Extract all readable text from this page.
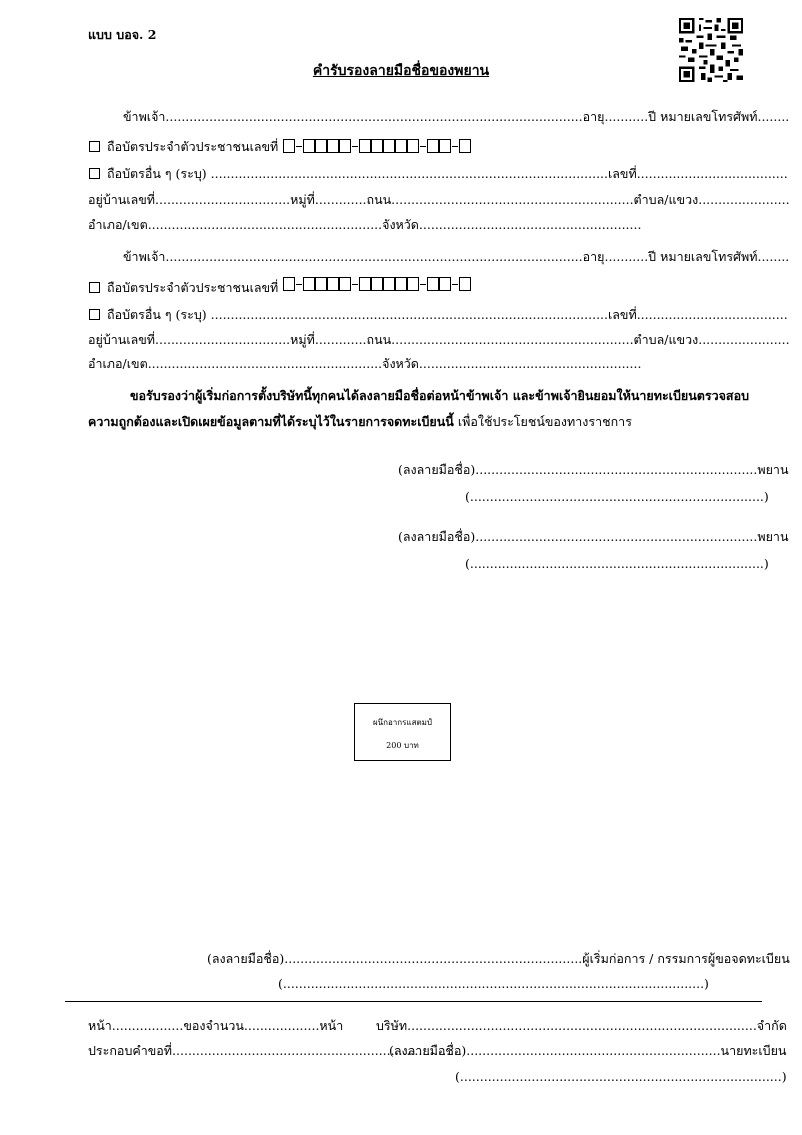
แบบ บอจ. 2
คำรับรองลายมือชื่อของพยาน
ข้าพเจ้า.........................................................................................................อายุ...........ปี หมายเลขโทรศัพท์........
ถือบัตรประจำตัวประชาชนเลขที่
ถือบัตรอื่น ๆ (ระบุ) ....................................................................................................เลขที่......................................
อยู่บ้านเลขที่..................................หมู่ที่.............ถนน.............................................................ตำบล/แขวง.......................
อำเภอ/เขต...........................................................จังหวัด........................................................
ข้าพเจ้า.........................................................................................................อายุ...........ปี หมายเลขโทรศัพท์........
ถือบัตรประจำตัวประชาชนเลขที่
ถือบัตรอื่น ๆ (ระบุ) ....................................................................................................เลขที่......................................
อยู่บ้านเลขที่..................................หมู่ที่.............ถนน.............................................................ตำบล/แขวง.......................
อำเภอ/เขต...........................................................จังหวัด........................................................
ขอรับรองว่าผู้เริ่มก่อการตั้งบริษัทนี้ทุกคนได้ลงลายมือชื่อต่อหน้าข้าพเจ้า และข้าพเจ้ายินยอมให้นายทะเบียนตรวจสอบ
ความถูกต้องและเปิดเผยข้อมูลตามที่ได้ระบุไว้ในรายการจดทะเบียนนี้ เพื่อใช้ประโยชน์ของทางราชการ
(ลงลายมือชื่อ).......................................................................พยาน
(..........................................................................)
(ลงลายมือชื่อ).......................................................................พยาน
(..........................................................................)
ผนึกอากรแสตมป์
200 บาท
(ลงลายมือชื่อ)...........................................................................ผู้เริ่มก่อการ / กรรมการผู้ขอจดทะเบียน
(..........................................................................................................)
หน้า..................ของจำนวน...................หน้า	บริษัท........................................................................................จำกัด
ประกอบคำขอที่.........................................................................
(ลงลายมือชื่อ)................................................................นายทะเบียน
(.................................................................................)
